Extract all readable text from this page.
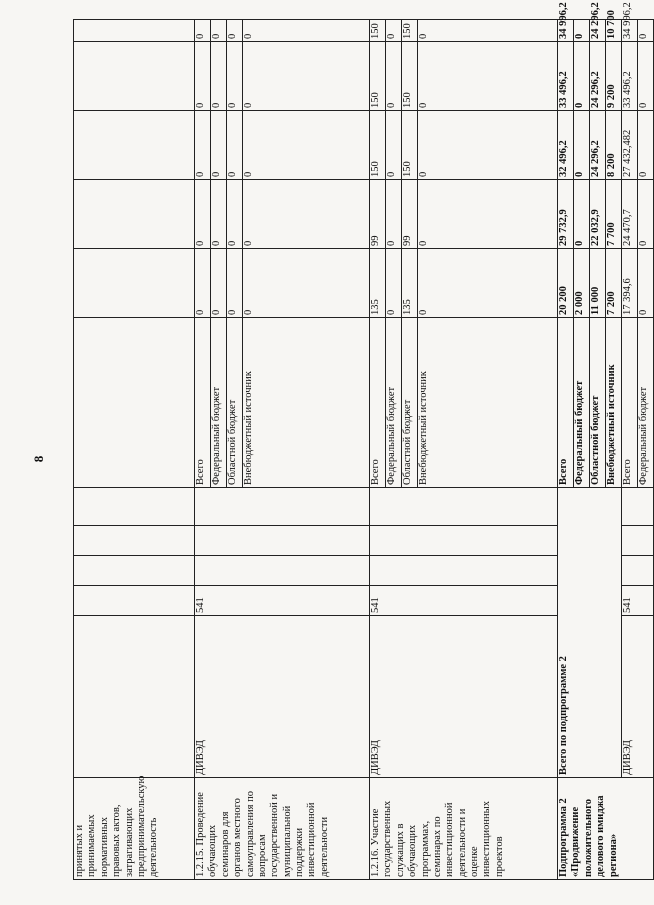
8
принятых и принимаемых нормативных правовых актов, затрагивающих предпринимательскую деятельность													
1.2.15. Проведение обучающих семинаров для органов местного самоуправления по вопросам государственной и муниципальной поддержки инвестиционной деятельности	ДИВЭД	541				Всего	0	0	0	0	0	
						Федеральный бюджет	0	0	0	0	0	
						Областной бюджет	0	0	0	0	0	
						Внебюджетный источник	0	0	0	0	0	
1.2.16. Участие государственных служащих в обучающих программах, семинарах по инвестиционной деятельности и оценке инвестиционных проектов	ДИВЭД	541				Всего	135	99	150	150	150	
						Федеральный бюджет	0	0	0	0	0	
						Областной бюджет	135	99	150	150	150	
						Внебюджетный источник	0	0	0	0	0	
Подпрограмма 2 «Продвижение положительного делового имиджа региона»	Всего по подпрограмме 2					Всего	20 200	29 732,9	32 496,2	33 496,2	34 996,2	
						Федеральный бюджет	2 000	0	0	0	0	
						Областной бюджет	11 000	22 032,9	24 296,2	24 296,2	24 296,2	
						Внебюджетный источник	7 200	7 700	8 200	9 200	10 700	
	ДИВЭД	541				Всего	17 394,6	24 470,7	27 432,482	33 496,2	34 996,2	
						Федеральный бюджет	0	0	0	0	0	
